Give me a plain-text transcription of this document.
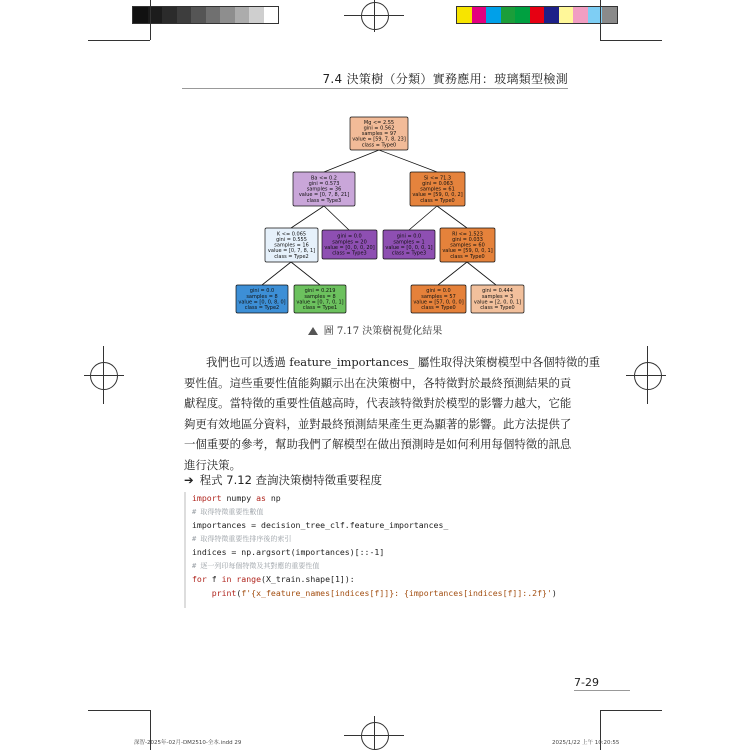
7.4 決策樹（分類）實務應用：玻璃類型檢測
Mg <= 2.55
gini = 0.562
samples = 97
value = [59, 7, 8, 23]
class = Type0
Ba <= 0.2
gini = 0.573
samples = 36
value = [0, 7, 8, 21]
class = Type3
Si <= 71.3
gini = 0.063
samples = 61
value = [59, 0, 0, 2]
class = Type0
K <= 0.065
gini = 0.555
samples = 16
value = [0, 7, 8, 1]
class = Type2
gini = 0.0
samples = 20
value = [0, 0, 0, 20]
class = Type3
gini = 0.0
samples = 1
value = [0, 0, 0, 1]
class = Type3
RI <= 1.523
gini = 0.033
samples = 60
value = [59, 0, 0, 1]
class = Type0
gini = 0.0
samples = 8
value = [0, 0, 8, 0]
class = Type2
gini = 0.219
samples = 8
value = [0, 7, 0, 1]
class = Type1
gini = 0.0
samples = 57
value = [57, 0, 0, 0]
class = Type0
gini = 0.444
samples = 3
value = [2, 0, 0, 1]
class = Type0
圖 7.17 決策樹視覺化結果
我們也可以透過 feature_importances_ 屬性取得決策樹模型中各個特徵的重
要性值。這些重要性值能夠顯示出在決策樹中，各特徵對於最終預測結果的貢
獻程度。當特徵的重要性值越高時，代表該特徵對於模型的影響力越大，它能
夠更有效地區分資料，並對最終預測結果產生更為顯著的影響。此方法提供了
一個重要的參考，幫助我們了解模型在做出預測時是如何利用每個特徵的訊息
進行決策。
➔ 程式 7.12 查詢決策樹特徵重要程度
import numpy as np
# 取得特徵重要性數值
importances = decision_tree_clf.feature_importances_
# 取得特徵重要性排序後的索引
indices = np.argsort(importances)[::-1]
# 逐一列印每個特徵及其對應的重要性值
for f in range(X_train.shape[1]):
print(f'{x_feature_names[indices[f]]}: {importances[indices[f]]:.2f}')
7-29
深智-2025年-02月-DM2510-全本.indd 29	2025/1/22 上午 10:20:55
